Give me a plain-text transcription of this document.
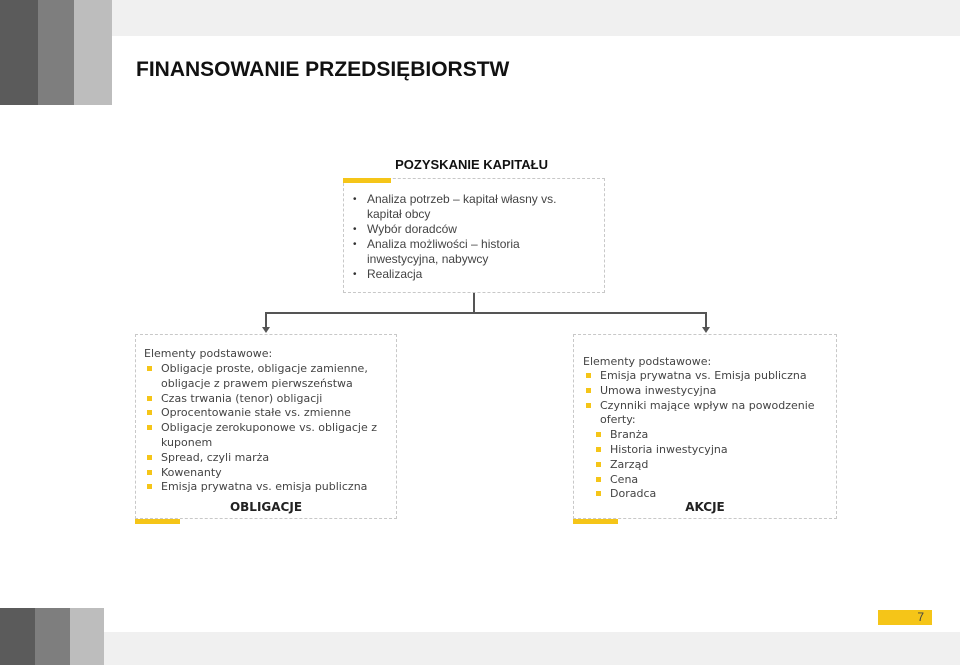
FINANSOWANIE PRZEDSIĘBIORSTW
POZYSKANIE KAPITAŁU
• Analiza potrzeb – kapitał własny vs. kapitał obcy
• Wybór doradców
• Analiza możliwości – historia inwestycyjna, nabywcy
• Realizacja
Elementy podstawowe:
Obligacje proste, obligacje zamienne, obligacje z prawem pierwszeństwa
Czas trwania (tenor) obligacji
Oprocentowanie stałe vs. zmienne
Obligacje zerokuponowe vs. obligacje z kuponem
Spread, czyli marża
Kowenanty
Emisja prywatna vs. emisja publiczna
OBLIGACJE
Elementy podstawowe:
Emisja prywatna vs. Emisja publiczna
Umowa inwestycyjna
Czynniki mające wpływ na powodzenie oferty:
Branża
Historia inwestycyjna
Zarząd
Cena
Doradca
AKCJE
7
